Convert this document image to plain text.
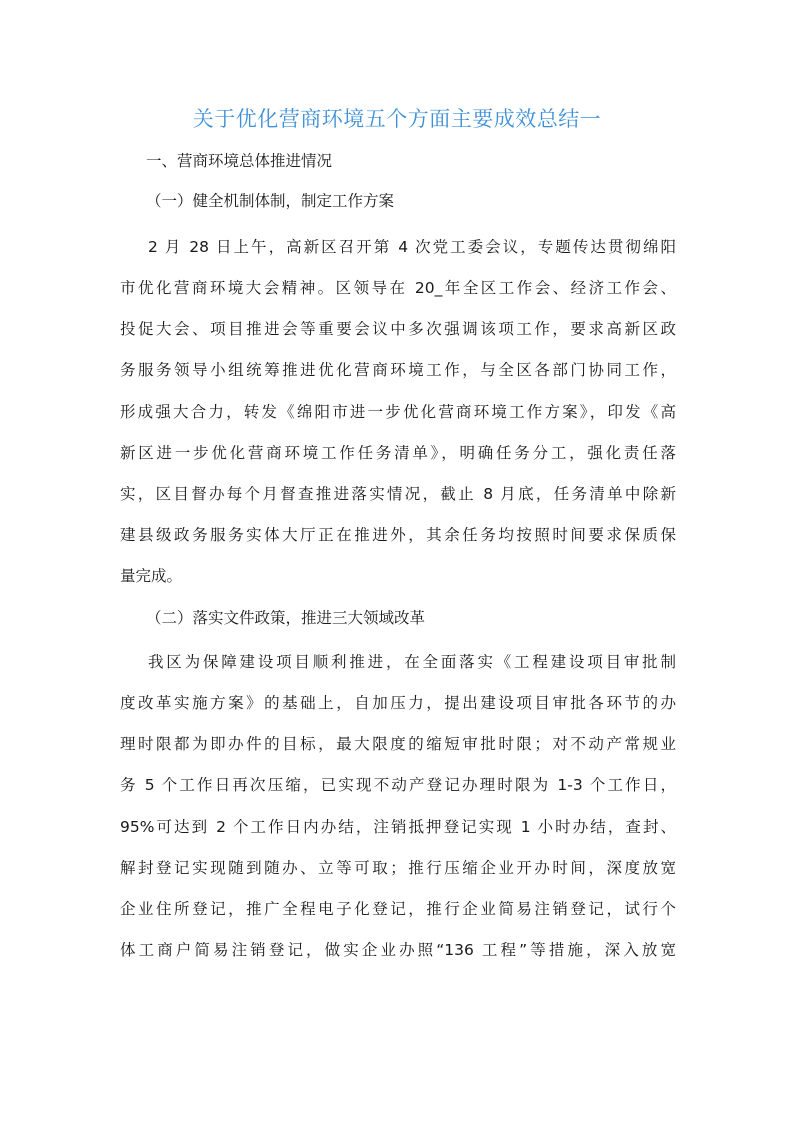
关于优化营商环境五个方面主要成效总结一
一、营商环境总体推进情况
（一）健全机制体制，制定工作方案
2 月 28 日上午，高新区召开第 4 次党工委会议，专题传达贯彻绵阳
市优化营商环境大会精神。区领导在 20_年全区工作会、经济工作会、
投促大会、项目推进会等重要会议中多次强调该项工作，要求高新区政
务服务领导小组统筹推进优化营商环境工作，与全区各部门协同工作，
形成强大合力，转发《绵阳市进一步优化营商环境工作方案》，印发《高
新区进一步优化营商环境工作任务清单》，明确任务分工，强化责任落
实，区目督办每个月督查推进落实情况，截止 8 月底，任务清单中除新
建县级政务服务实体大厅正在推进外，其余任务均按照时间要求保质保
量完成。
（二）落实文件政策，推进三大领域改革
我区为保障建设项目顺利推进，在全面落实《工程建设项目审批制
度改革实施方案》的基础上，自加压力，提出建设项目审批各环节的办
理时限都为即办件的目标，最大限度的缩短审批时限；对不动产常规业
务 5 个工作日再次压缩，已实现不动产登记办理时限为 1-3 个工作日，
95%可达到 2 个工作日内办结，注销抵押登记实现 1 小时办结，查封、
解封登记实现随到随办、立等可取；推行压缩企业开办时间，深度放宽
企业住所登记，推广全程电子化登记，推行企业简易注销登记，试行个
体工商户简易注销登记，做实企业办照“136 工程”等措施，深入放宽
